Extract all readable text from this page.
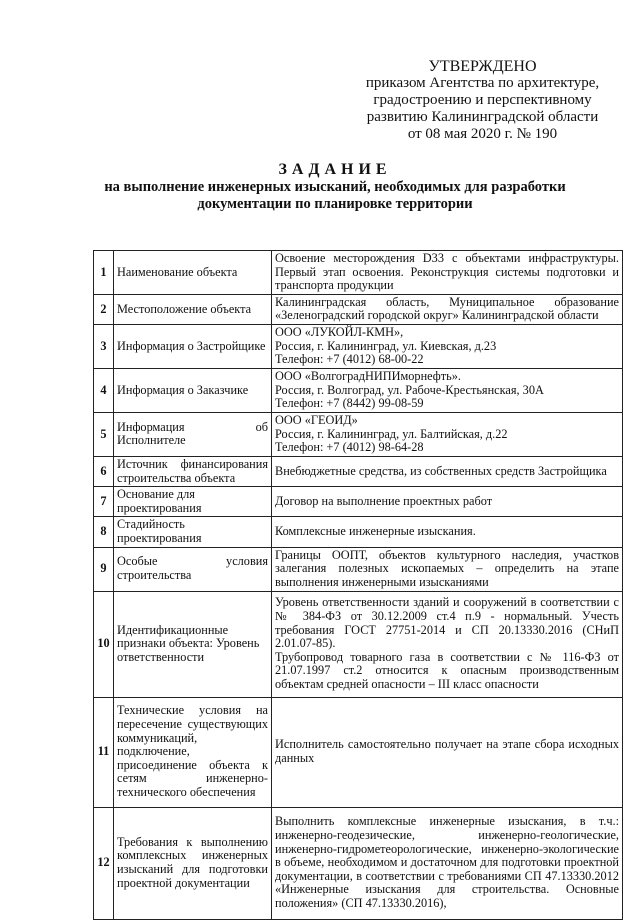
УТВЕРЖДЕНО
приказом Агентства по архитектуре,
градостроению и перспективному
развитию Калининградской области
от 08 мая 2020 г. № 190
ЗАДАНИЕ
на выполнение инженерных изысканий, необходимых для разработки
документации по планировке территории
1	Наименование объекта	Освоение месторождения D33 с объектами инфраструктуры. Первый этап освоения. Реконструкция системы подготовки и транспорта продукции
2	Местоположение объекта	Калининградская область, Муниципальное образование «Зеленоградский городской округ» Калининградской области
3	Информация о Застройщике	ООО «ЛУКОЙЛ-КМН»,
Россия, г. Калининград, ул. Киевская, д.23
Телефон: +7 (4012) 68-00-22

4	Информация о Заказчике	ООО «ВолгоградНИПИморнефть».
Россия, г. Волгоград, ул. Рабоче-Крестьянская, 30А
Телефон: +7 (8442) 99-08-59

5	Информация об Исполнителе	ООО «ГЕОИД»
Россия, г. Калининград, ул. Балтийская, д.22
Телефон: +7 (4012) 98-64-28

6	Источник финансирования строительства объекта	Внебюджетные средства, из собственных средств Застройщика
7	Основание для проектирования	Договор на выполнение проектных работ
8	Стадийность проектирования	Комплексные инженерные изыскания.
9	Особые условия строительства	Границы ООПТ, объектов культурного наследия, участков залегания полезных ископаемых – определить на этапе выполнения инженерными изысканиями
10	Идентификационные признаки объекта: Уровень ответственности	Уровень ответственности зданий и сооружений в соответствии с № 384-ФЗ от 30.12.2009 ст.4 п.9 - нормальный. Учесть требования ГОСТ 27751-2014 и СП 20.13330.2016 (СНиП 2.01.07-85).
Трубопровод товарного газа в соответствии с № 116-ФЗ от 21.07.1997 ст.2 относится к опасным производственным объектам средней опасности – III класс опасности

11	Технические условия на пересечение существующих коммуникаций, подключение, присоединение объекта к сетям инженерно-технического обеспечения	Исполнитель самостоятельно получает на этапе сбора исходных данных
12	Требования к выполнению комплексных инженерных изысканий для подготовки проектной документации	Выполнить комплексные инженерные изыскания, в т.ч.: инженерно-геодезические, инженерно-геологические, инженерно-гидрометеорологические, инженерно-экологические в объеме, необходимом и достаточном для подготовки проектной документации, в соответствии с требованиями СП 47.13330.2012 «Инженерные изыскания для строительства. Основные положения» (СП 47.13330.2016),
